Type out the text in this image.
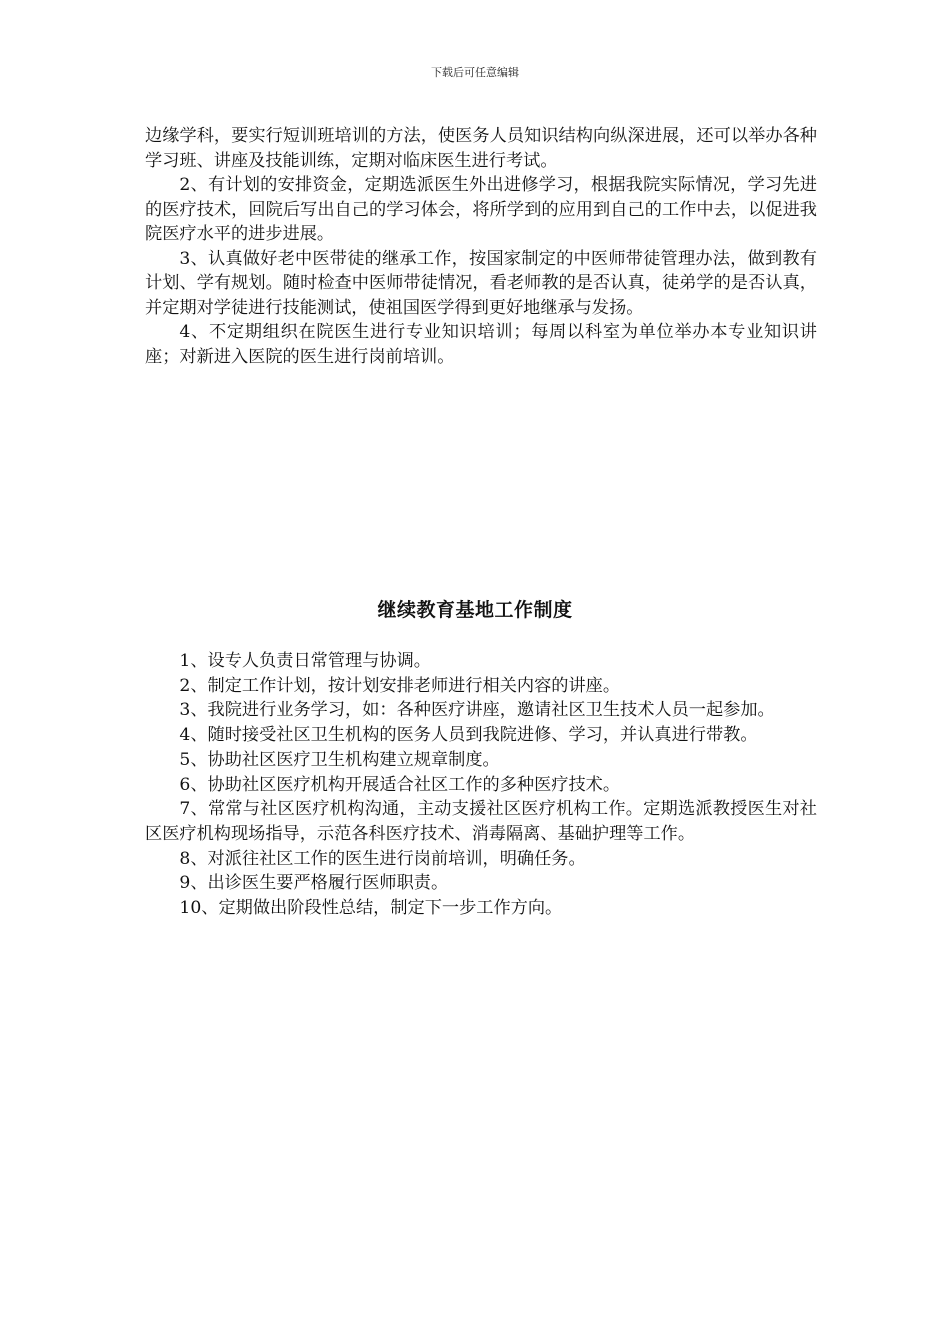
下载后可任意编辑

边缘学科，要实行短训班培训的方法，使医务人员知识结构向纵深进展，还可以举办各种学习班、讲座及技能训练，定期对临床医生进行考试。

2、有计划的安排资金，定期选派医生外出进修学习，根据我院实际情况，学习先进的医疗技术，回院后写出自己的学习体会，将所学到的应用到自己的工作中去，以促进我院医疗水平的进步进展。

3、认真做好老中医带徒的继承工作，按国家制定的中医师带徒管理办法，做到教有计划、学有规划。随时检查中医师带徒情况，看老师教的是否认真，徒弟学的是否认真，并定期对学徒进行技能测试，使祖国医学得到更好地继承与发扬。

4、不定期组织在院医生进行专业知识培训；每周以科室为单位举办本专业知识讲座；对新进入医院的医生进行岗前培训。

继续教育基地工作制度

1、设专人负责日常管理与协调。

2、制定工作计划，按计划安排老师进行相关内容的讲座。

3、我院进行业务学习，如：各种医疗讲座，邀请社区卫生技术人员一起参加。

4、随时接受社区卫生机构的医务人员到我院进修、学习，并认真进行带教。

5、协助社区医疗卫生机构建立规章制度。

6、协助社区医疗机构开展适合社区工作的多种医疗技术。

7、常常与社区医疗机构沟通，主动支援社区医疗机构工作。定期选派教授医生对社区医疗机构现场指导，示范各科医疗技术、消毒隔离、基础护理等工作。

8、对派往社区工作的医生进行岗前培训，明确任务。

9、出诊医生要严格履行医师职责。

10、定期做出阶段性总结，制定下一步工作方向。
